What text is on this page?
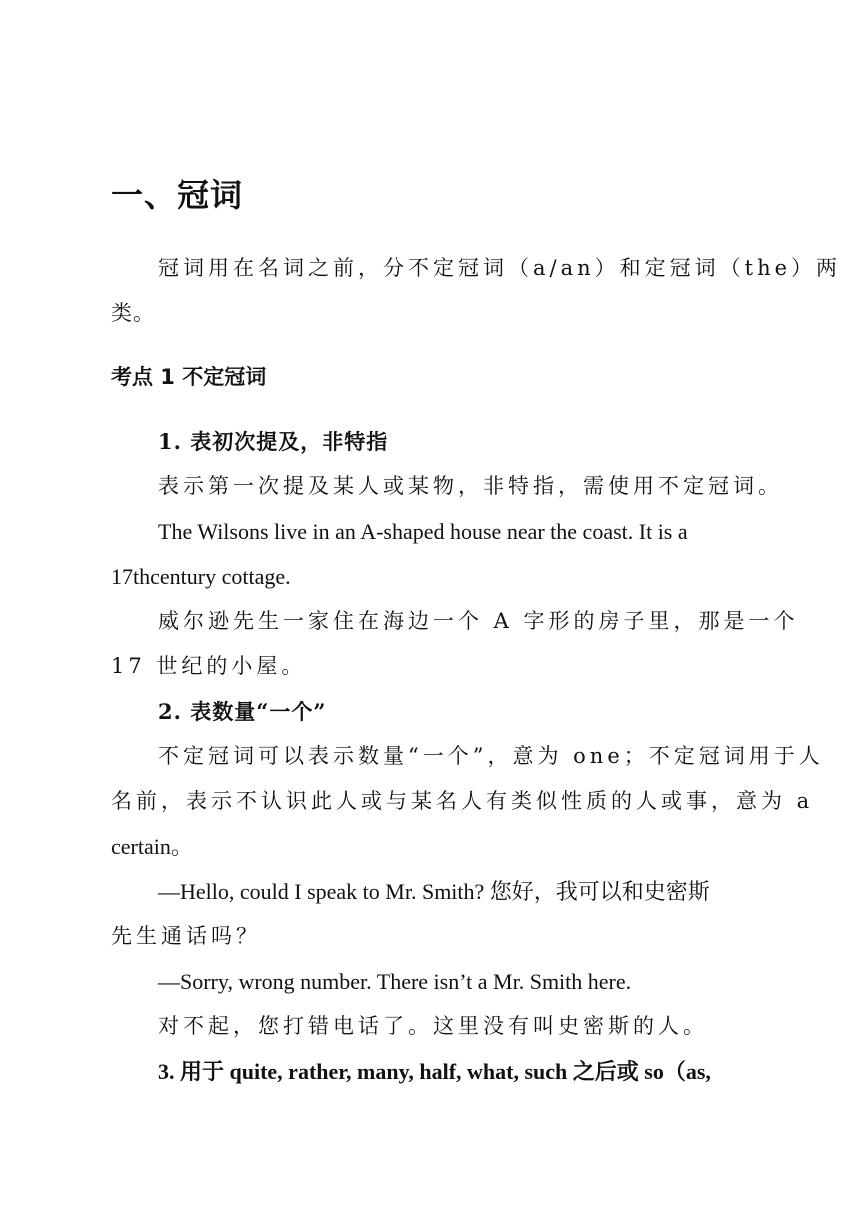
一、冠词
冠词用在名词之前，分不定冠词（a/an）和定冠词（the）两
类。
考点 1 不定冠词
1. 表初次提及，非特指
表示第一次提及某人或某物，非特指，需使用不定冠词。
The Wilsons live in an A-shaped house near the coast. It is a
17thcentury cottage.
威尔逊先生一家住在海边一个 A 字形的房子里，那是一个
17 世纪的小屋。
2. 表数量“一个”
不定冠词可以表示数量“一个”，意为 one；不定冠词用于人
名前，表示不认识此人或与某名人有类似性质的人或事，意为 a
certain。
—Hello, could I speak to Mr. Smith? 您好，我可以和史密斯
先生通话吗？
—Sorry, wrong number. There isn’t a Mr. Smith here.
对不起，您打错电话了。这里没有叫史密斯的人。
3. 用于 quite, rather, many, half, what, such 之后或 so（as,
